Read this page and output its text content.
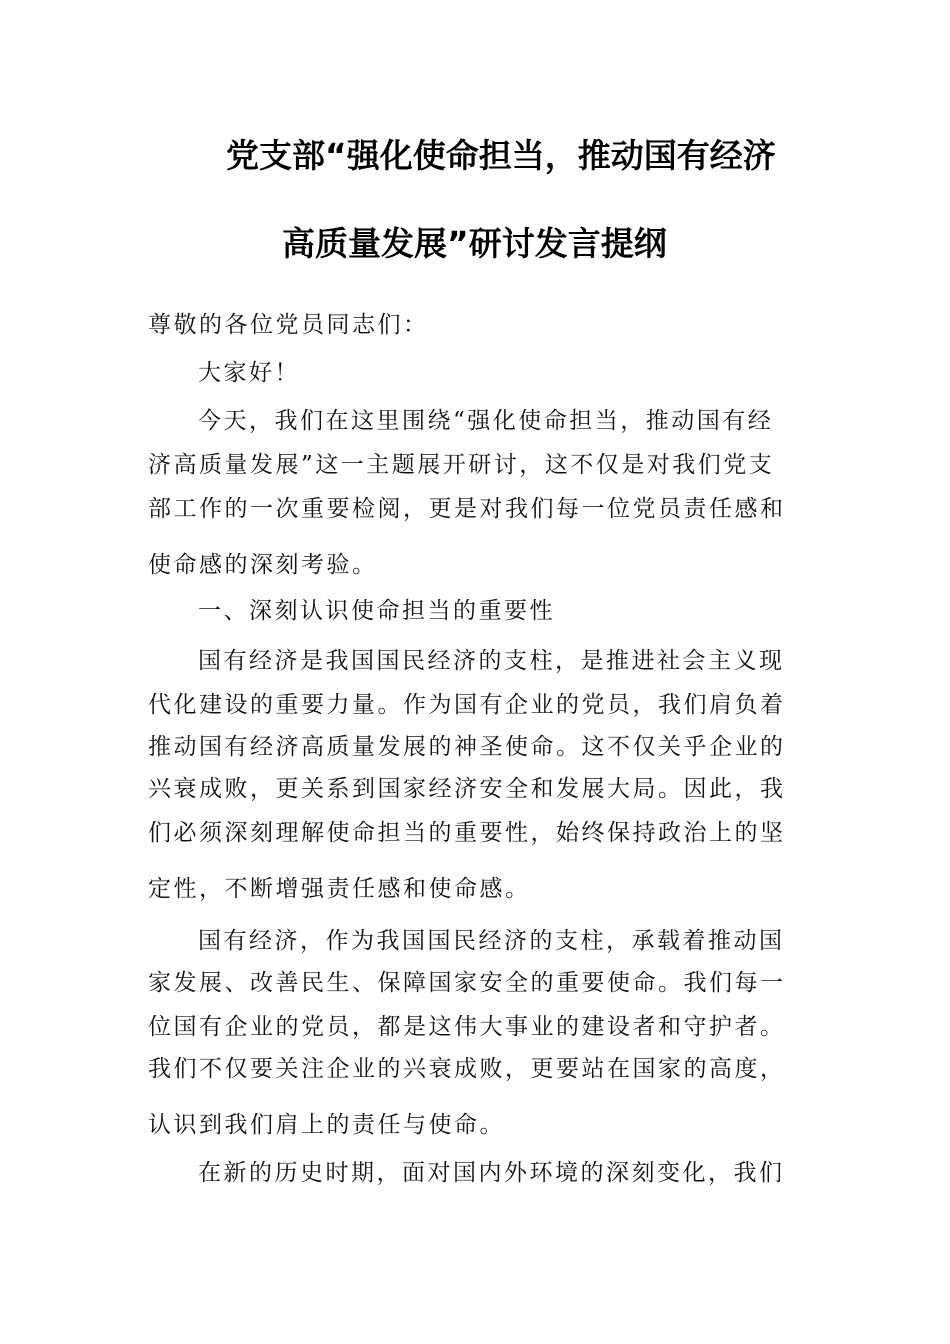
党支部“强化使命担当，推动国有经济
高质量发展”研讨发言提纲
尊敬的各位党员同志们：
大家好！
今天，我们在这里围绕“强化使命担当，推动国有经
济高质量发展”这一主题展开研讨，这不仅是对我们党支
部工作的一次重要检阅，更是对我们每一位党员责任感和
使命感的深刻考验。
一、深刻认识使命担当的重要性
国有经济是我国国民经济的支柱，是推进社会主义现
代化建设的重要力量。作为国有企业的党员，我们肩负着
推动国有经济高质量发展的神圣使命。这不仅关乎企业的
兴衰成败，更关系到国家经济安全和发展大局。因此，我
们必须深刻理解使命担当的重要性，始终保持政治上的坚
定性，不断增强责任感和使命感。
国有经济，作为我国国民经济的支柱，承载着推动国
家发展、改善民生、保障国家安全的重要使命。我们每一
位国有企业的党员，都是这伟大事业的建设者和守护者。
我们不仅要关注企业的兴衰成败，更要站在国家的高度，
认识到我们肩上的责任与使命。
在新的历史时期，面对国内外环境的深刻变化，我们
